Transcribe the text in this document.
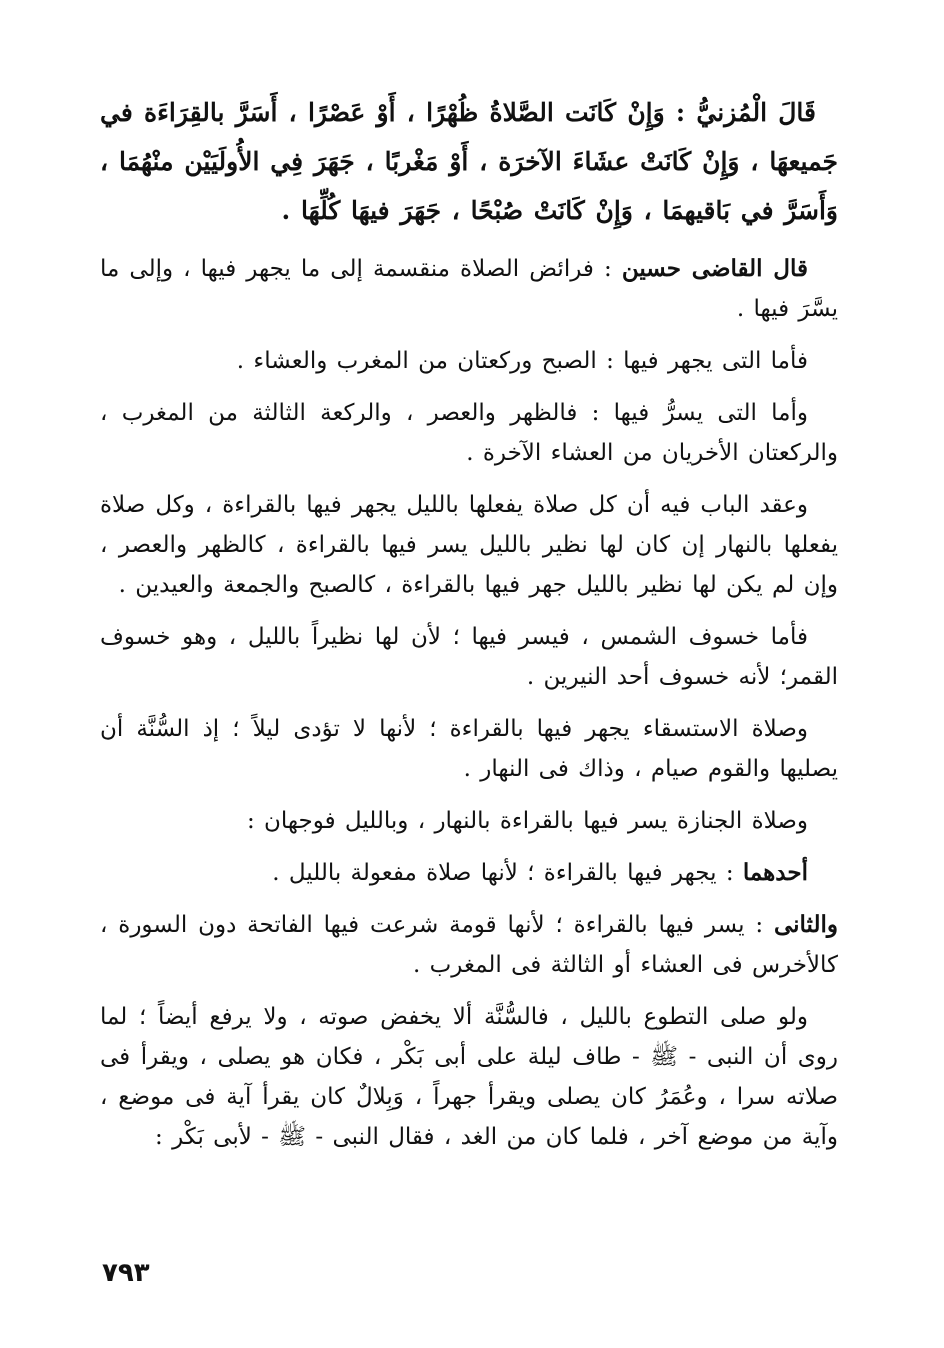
قَالَ الْمُزنيُّ : وَإِنْ كَانَت الصَّلاةُ ظُهْرًا ، أَوْ عَصْرًا ، أَسَرَّ بالقِرَاءَة في جَميعهَا ، وَإِنْ كَانَتْ عشَاءَ الآخرَة ، أَوْ مَغْربًا ، جَهَرَ فِي الأُولَيَيْن منْهُمَا ، وَأَسَرَّ في بَاقيهمَا ، وَإِنْ كَانَتْ صُبْحًا ، جَهَرَ فيهَا كُلِّهَا .

قال القاضى حسين : فرائض الصلاة منقسمة إلى ما يجهر فيها ، وإلى ما يسَّرَ فيها .

فأما التى يجهر فيها : الصبح وركعتان من المغرب والعشاء .

وأما التى يسرُّ فيها : فالظهر والعصر ، والركعة الثالثة من المغرب ، والركعتان الأخريان من العشاء الآخرة .

وعقد الباب فيه أن كل صلاة يفعلها بالليل يجهر فيها بالقراءة ، وكل صلاة يفعلها بالنهار إن كان لها نظير بالليل يسر فيها بالقراءة ، كالظهر والعصر ، وإن لم يكن لها نظير بالليل جهر فيها بالقراءة ، كالصبح والجمعة والعيدين .

فأما خسوف الشمس ، فيسر فيها ؛ لأن لها نظيراً بالليل ، وهو خسوف القمر؛ لأنه خسوف أحد النيرين .

وصلاة الاستسقاء يجهر فيها بالقراءة ؛ لأنها لا تؤدى ليلاً ؛ إذ السُّنَّة أن يصليها والقوم صيام ، وذاك فى النهار .

وصلاة الجنازة يسر فيها بالقراءة بالنهار ، وبالليل فوجهان :

أحدهما : يجهر فيها بالقراءة ؛ لأنها صلاة مفعولة بالليل .

والثانى : يسر فيها بالقراءة ؛ لأنها قومة شرعت فيها الفاتحة دون السورة ، كالأخرس فى العشاء أو الثالثة فى المغرب .

ولو صلى التطوع بالليل ، فالسُّنَّة ألا يخفض صوته ، ولا يرفع أيضاً ؛ لما روى أن النبى - ﷺ - طاف ليلة على أبى بَكْر ، فكان هو يصلى ، ويقرأ فى صلاته سرا ، وعُمَرُ كان يصلى ويقرأ جهراً ، وَبِلالٌ كان يقرأ آية فى موضع ، وآية من موضع آخر ، فلما كان من الغد ، فقال النبى - ﷺ - لأبى بَكْر :

٧٩٣
